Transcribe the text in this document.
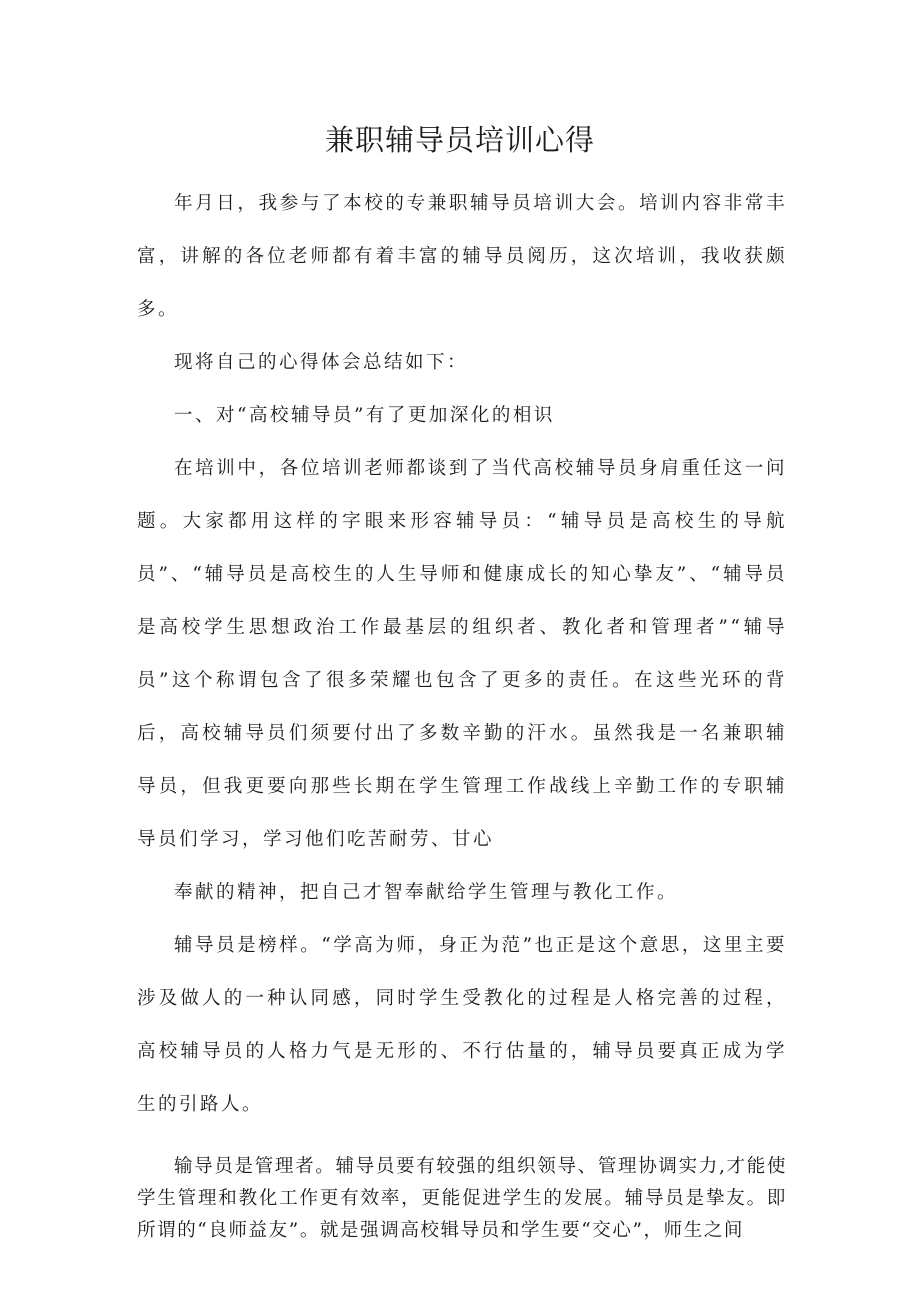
兼职辅导员培训心得

年月日，我参与了本校的专兼职辅导员培训大会。培训内容非常丰富，讲解的各位老师都有着丰富的辅导员阅历，这次培训，我收获颇多。

现将自己的心得体会总结如下：

一、对“高校辅导员”有了更加深化的相识

在培训中，各位培训老师都谈到了当代高校辅导员身肩重任这一问题。大家都用这样的字眼来形容辅导员：“辅导员是高校生的导航员”、“辅导员是高校生的人生导师和健康成长的知心挚友”、“辅导员是高校学生思想政治工作最基层的组织者、教化者和管理者”“辅导员”这个称谓包含了很多荣耀也包含了更多的责任。在这些光环的背后，高校辅导员们须要付出了多数辛勤的汗水。虽然我是一名兼职辅导员，但我更要向那些长期在学生管理工作战线上辛勤工作的专职辅导员们学习，学习他们吃苦耐劳、甘心

奉献的精神，把自己才智奉献给学生管理与教化工作。

辅导员是榜样。“学高为师，身正为范”也正是这个意思，这里主要涉及做人的一种认同感，同时学生受教化的过程是人格完善的过程，高校辅导员的人格力气是无形的、不行估量的，辅导员要真正成为学生的引路人。

输导员是管理者。辅导员要有较强的组织领导、管理协调实力,才能使学生管理和教化工作更有效率，更能促进学生的发展。辅导员是挚友。即所谓的“良师益友”。就是强调高校辑导员和学生要“交心”，师生之间
